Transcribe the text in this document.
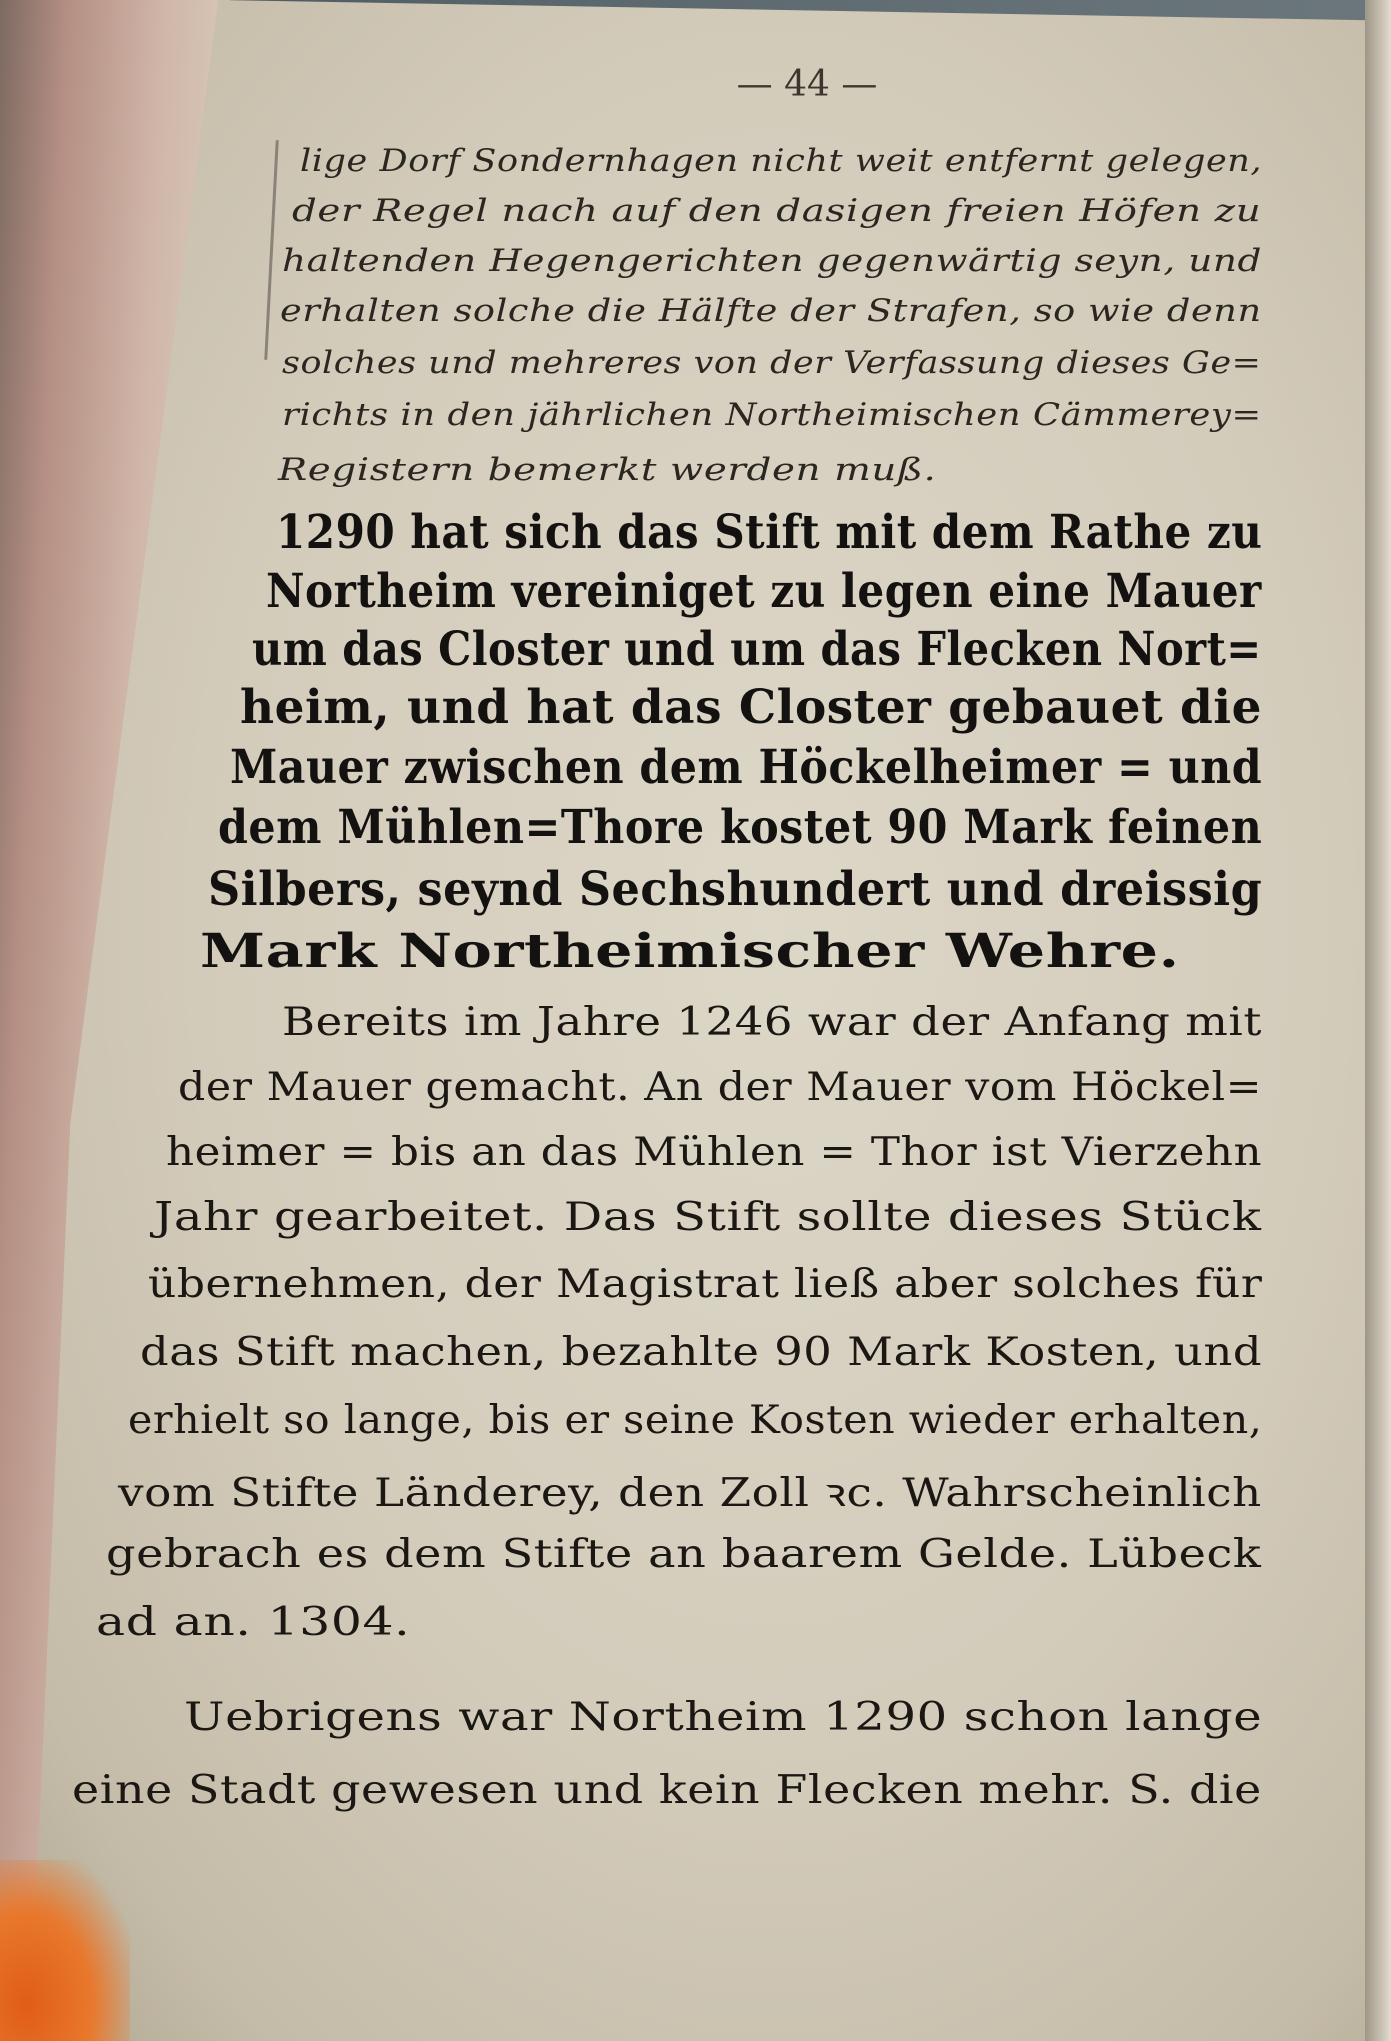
— 44 —
lige Dorf Sondernhagen nicht weit entfernt gelegen,
der Regel nach auf den dasigen freien Höfen zu
haltenden Hegengerichten gegenwärtig seyn, und
erhalten solche die Hälfte der Strafen, so wie denn
solches und mehreres von der Verfassung dieses Ge=
richts in den jährlichen Northeimischen Cämmerey=
Registern bemerkt werden muß.
1290 hat sich das Stift mit dem Rathe zu
Northeim vereiniget zu legen eine Mauer
um das Closter und um das Flecken Nort=
heim, und hat das Closter gebauet die
Mauer zwischen dem Höckelheimer = und
dem Mühlen=Thore kostet 90 Mark feinen
Silbers, seynd Sechshundert und dreissig
Mark Northeimischer Wehre.
Bereits im Jahre 1246 war der Anfang mit
der Mauer gemacht. An der Mauer vom Höckel=
heimer = bis an das Mühlen = Thor ist Vierzehn
Jahr gearbeitet. Das Stift sollte dieses Stück
übernehmen, der Magistrat ließ aber solches für
das Stift machen, bezahlte 90 Mark Kosten, und
erhielt so lange, bis er seine Kosten wieder erhalten,
vom Stifte Länderey, den Zoll ꝛc. Wahrscheinlich
gebrach es dem Stifte an baarem Gelde. Lübeck
ad an. 1304.
Uebrigens war Northeim 1290 schon lange
eine Stadt gewesen und kein Flecken mehr. S. die
